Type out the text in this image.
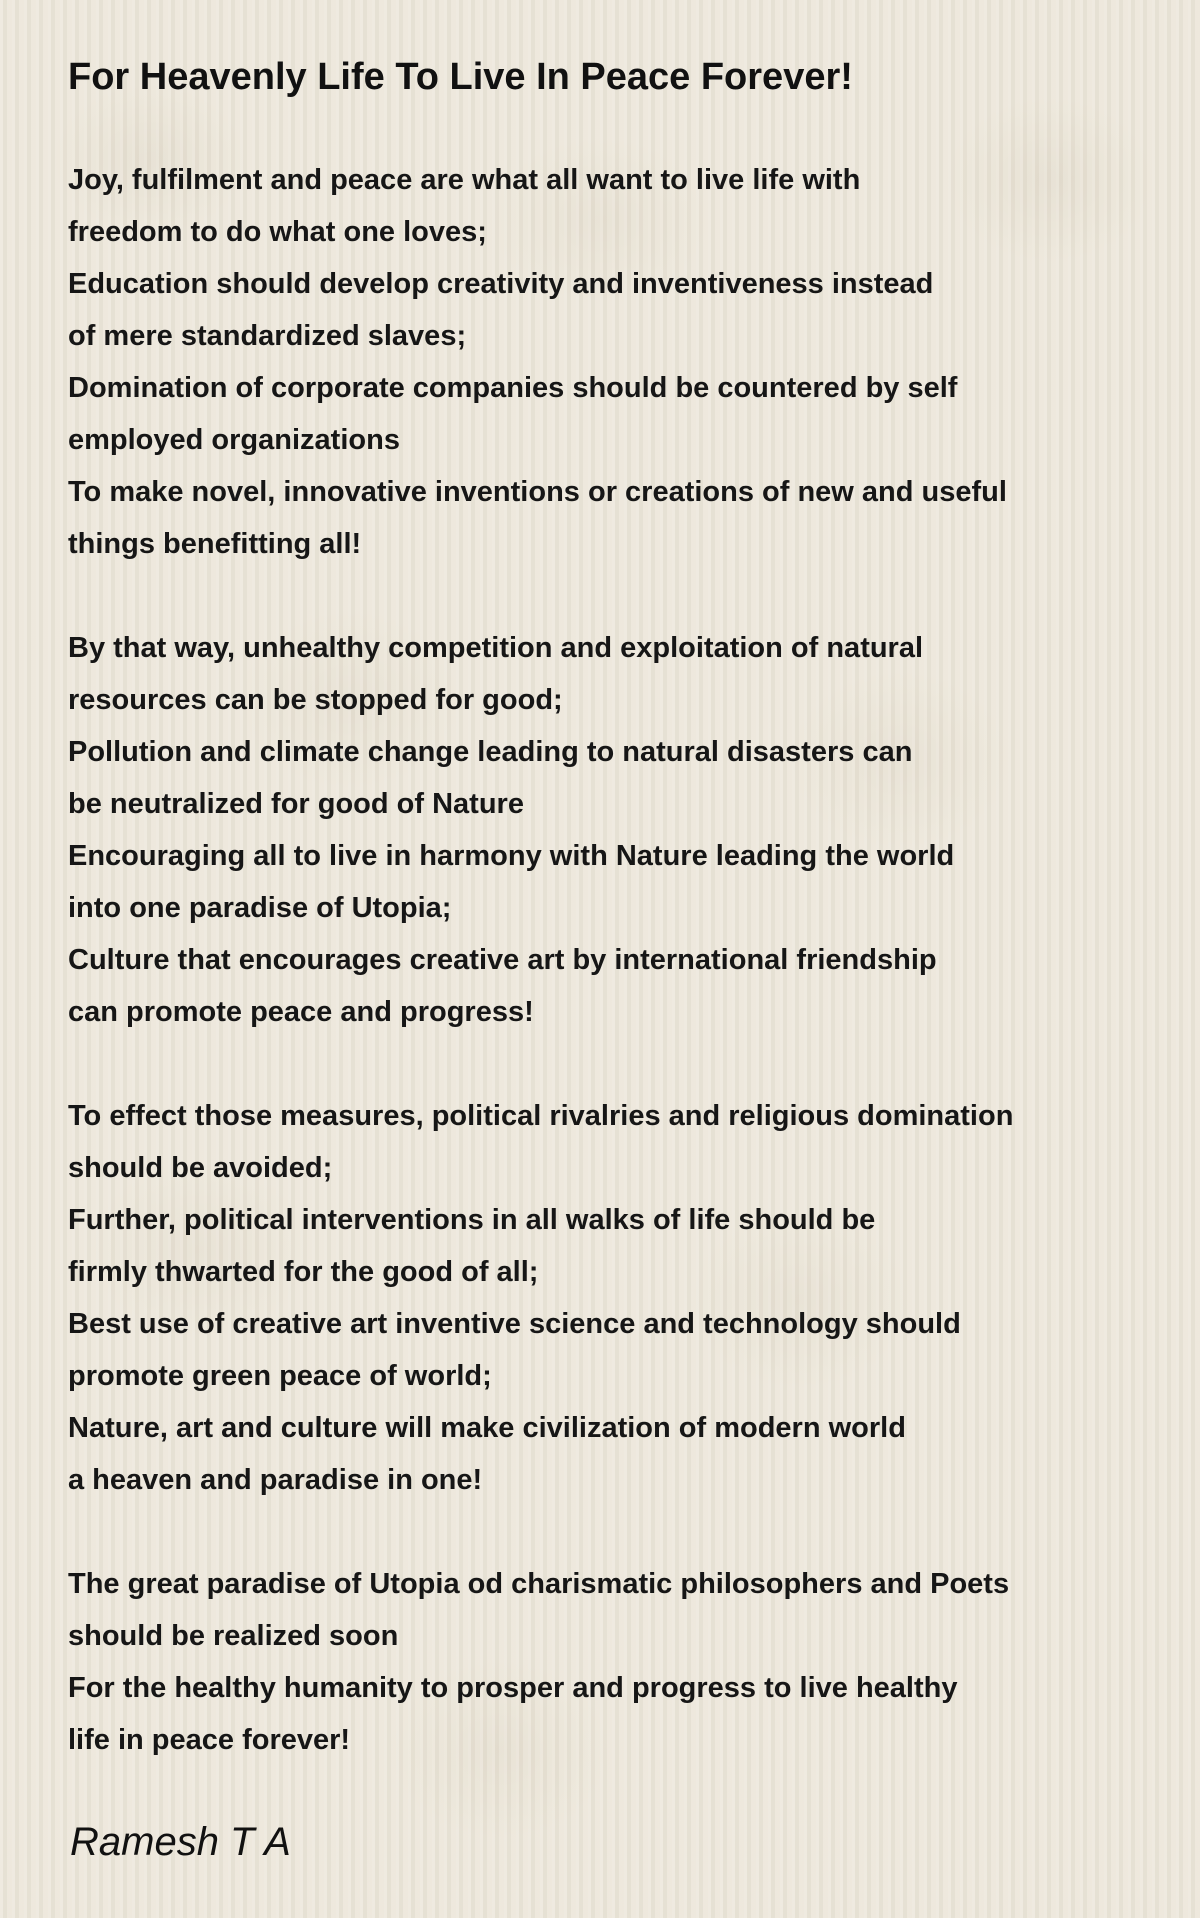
For Heavenly Life To Live In Peace Forever!
Joy, fulfilment and peace are what all want to live life with
freedom to do what one loves;
Education should develop creativity and inventiveness instead
of mere standardized slaves;
Domination of corporate companies should be countered by self
employed organizations
To make novel, innovative inventions or creations of new and useful
things benefitting all!
By that way, unhealthy competition and exploitation of natural
resources can be stopped for good;
Pollution and climate change leading to natural disasters can
be neutralized for good of Nature
Encouraging all to live in harmony with Nature leading the world
into one paradise of Utopia;
Culture that encourages creative art by international friendship
can promote peace and progress!
To effect those measures, political rivalries and religious domination
should be avoided;
Further, political interventions in all walks of life should be
firmly thwarted for the good of all;
Best use of creative art inventive science and technology should
promote green peace of world;
Nature, art and culture will make civilization of modern world
a heaven and paradise in one!
The great paradise of Utopia od charismatic philosophers and Poets
should be realized soon
For the healthy humanity to prosper and progress to live healthy
life in peace forever!
Ramesh T A
